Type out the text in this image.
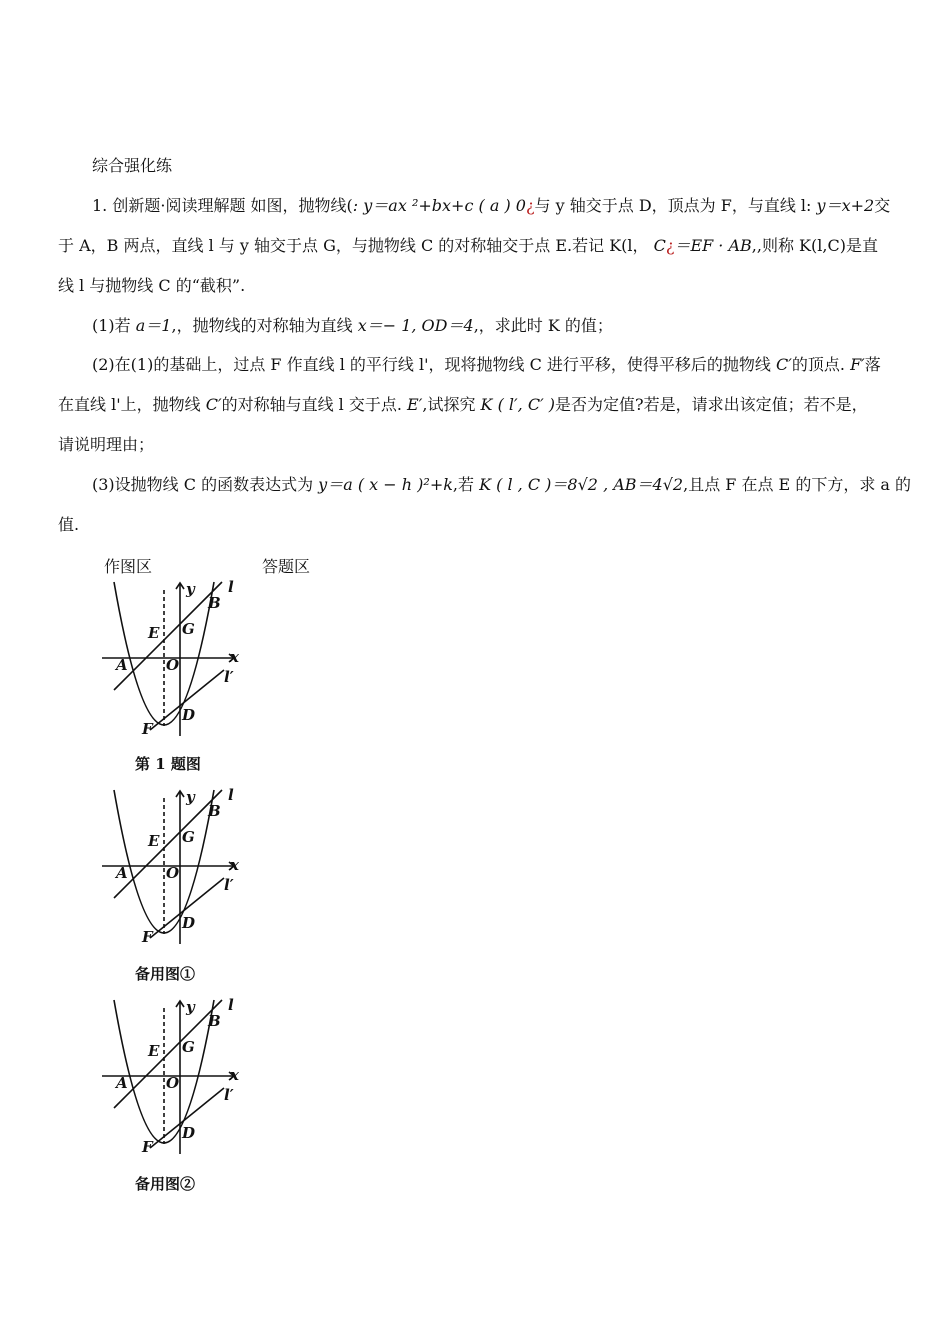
综合强化练
1. 创新题·阅读理解题 如图，抛物线(: y＝ax ²+bx+c ( a ) 0¿与 y 轴交于点 D，顶点为 F，与直线 l: y＝x+2交
于 A，B 两点，直线 l 与 y 轴交于点 G，与抛物线 C 的对称轴交于点 E.若记 K(l， C¿＝EF · AB,,则称 K(l,C)是直
线 l 与抛物线 C 的“截积”.
(1)若 a＝1,，抛物线的对称轴为直线 x＝− 1, OD＝4,，求此时 K 的值；
(2)在(1)的基础上，过点 F 作直线 l 的平行线 l'，现将抛物线 C 进行平移，使得平移后的抛物线 C′的顶点. F′落
在直线 l'上，抛物线 C′的对称轴与直线 l 交于点. E′,试探究 K ( l′, C′ )是否为定值?若是，请求出该定值；若不是，
请说明理由；
(3)设抛物线 C 的函数表达式为 y＝a ( x − h )²+k,若 K ( l , C )＝8√2 , AB＝4√2,且点 F 在点 E 的下方，求 a 的
值.
作图区	答题区
y l
B
E G
x
A	O
l′
D
F
第 1 题图
y l
B
E G
x
A	O
l′
D
F
备用图①
y l
B
E G
x
A	O
l′
D
F
备用图②
